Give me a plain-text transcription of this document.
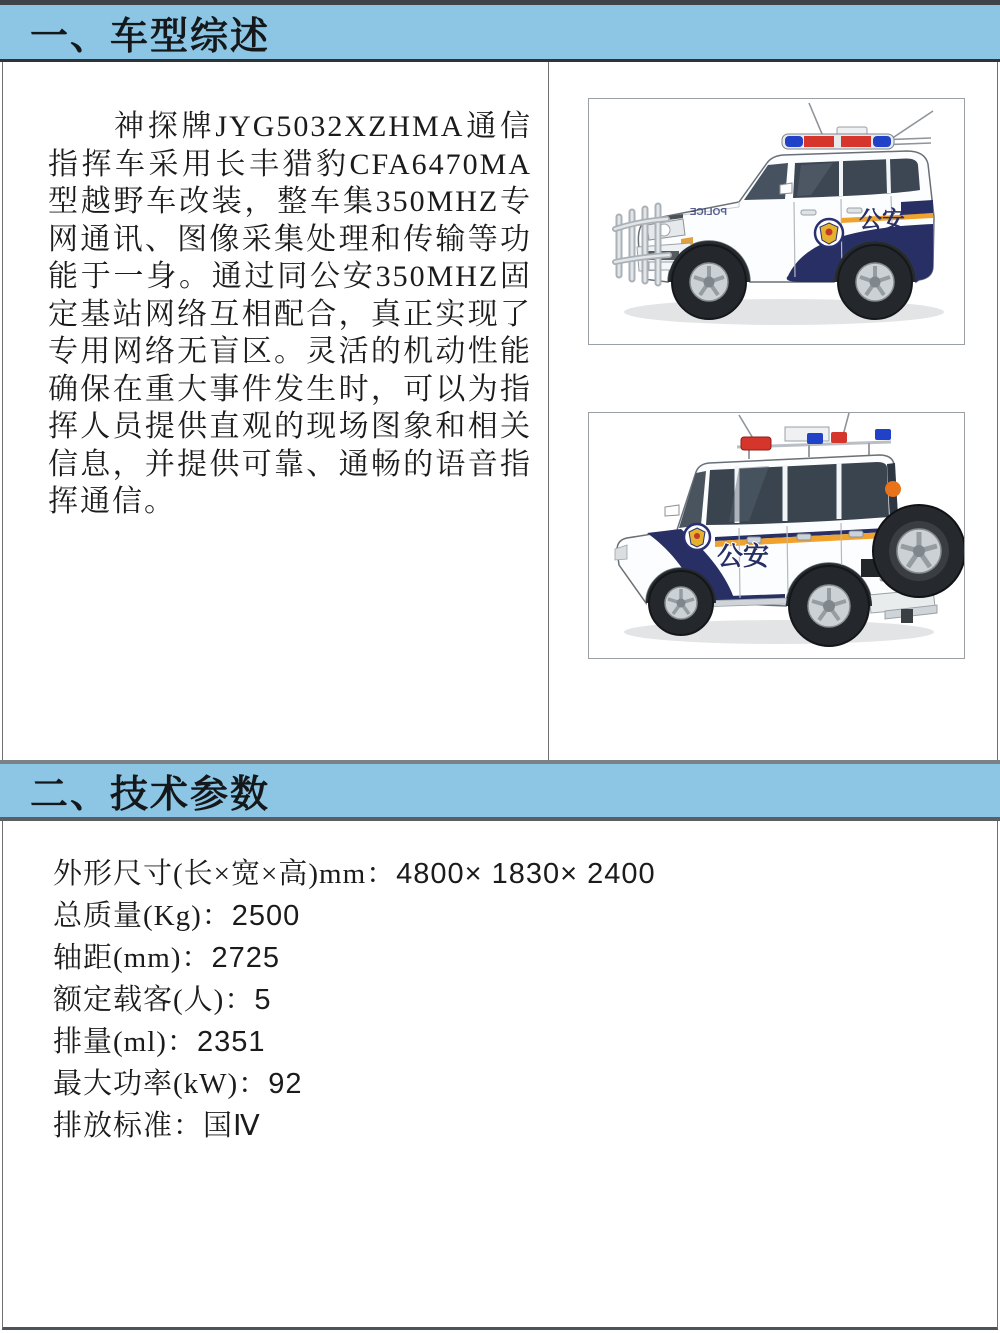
一、车型综述

神探牌JYG5032XZHMA通信指挥车采用长丰猎豹CFA6470MA型越野车改装，整车集350MHZ专网通讯、图像采集处理和传输等功能于一身。通过同公安350MHZ固定基站网络互相配合，真正实现了专用网络无盲区。灵活的机动性能确保在重大事件发生时，可以为指挥人员提供直观的现场图象和相关信息，并提供可靠、通畅的语音指挥通信。

公安
POLICE
公安
二、技术参数
外形尺寸(长×宽×高)mm：4800× 1830× 2400
总质量(Kg)：2500
轴距(mm)：2725
额定载客(人)：5
排量(ml)：2351
最大功率(kW)：92
排放标准：国Ⅳ
